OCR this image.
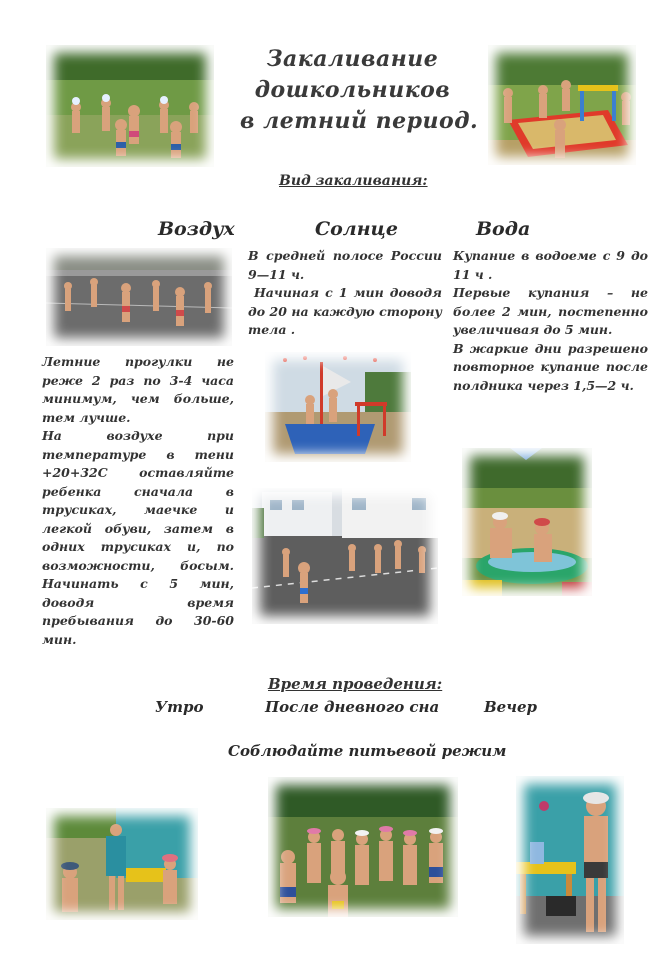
Закаливание
дошкольников
в летний период.
Вид закаливания:
Воздух	Солнце	Вода

В средней полосе России 9—11 ч.

Начиная с 1 мин доводя до 20 на каждую сторону тела .

Купание в водоеме с 9 до 11 ч .

Первые купания – не более 2 мин, постепенно увеличивая до 5 мин.

В жаркие дни разрешено повторное купание после полдника через 1,5—2 ч.

Летние прогулки не реже 2 раз по 3-4 часа минимум, чем больше, тем лучше.

На воздухе при температуре в тени +20+32С оставляйте ребенка сначала в трусиках, маечке и легкой обуви, затем в одних трусиках и, по возможности, босым. Начинать с 5 мин, доводя время пребывания до 30-60 мин.

Время проведения:
Утро	После дневного сна	Вечер
Соблюдайте питьевой режим
